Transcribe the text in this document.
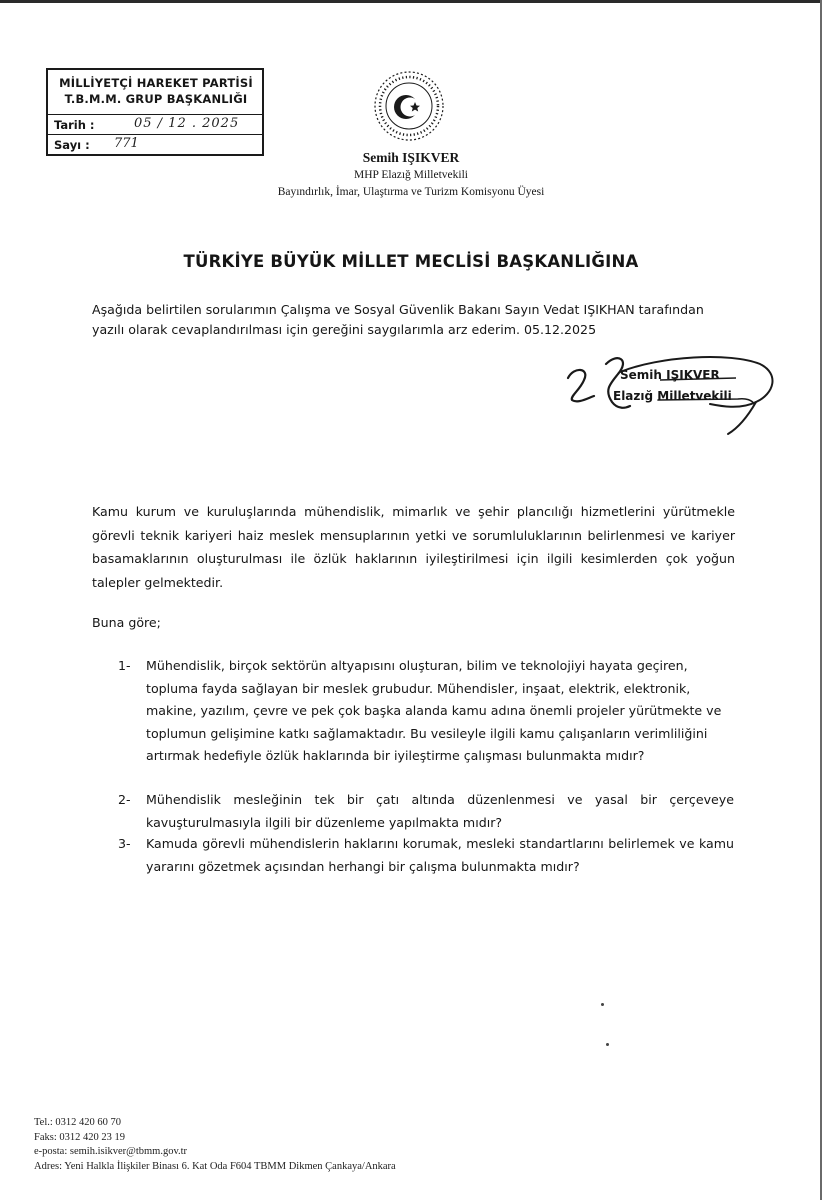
MİLLİYETÇİ HAREKET PARTİSİ
T.B.M.M. GRUP BAŞKANLIĞI
Tarih :	05 / 12 . 2025
Sayı : 771
Semih IŞIKVER
MHP Elazığ Milletvekili
Bayındırlık, İmar, Ulaştırma ve Turizm Komisyonu Üyesi
TÜRKİYE BÜYÜK MİLLET MECLİSİ BAŞKANLIĞINA
Aşağıda belirtilen sorularımın Çalışma ve Sosyal Güvenlik Bakanı Sayın Vedat IŞIKHAN tarafından yazılı olarak cevaplandırılması için gereğini saygılarımla arz ederim. 05.12.2025
Semih IŞIKVER
Elazığ Milletvekili
Kamu kurum ve kuruluşlarında mühendislik, mimarlık ve şehir plancılığı hizmetlerini yürütmekle görevli teknik kariyeri haiz meslek mensuplarının yetki ve sorumluluklarının belirlenmesi ve kariyer basamaklarının oluşturulması ile özlük haklarının iyileştirilmesi için ilgili kesimlerden çok yoğun talepler gelmektedir.
Buna göre;
1- Mühendislik, birçok sektörün altyapısını oluşturan, bilim ve teknolojiyi hayata geçiren, topluma fayda sağlayan bir meslek grubudur. Mühendisler, inşaat, elektrik, elektronik, makine, yazılım, çevre ve pek çok başka alanda kamu adına önemli projeler yürütmekte ve toplumun gelişimine katkı sağlamaktadır. Bu vesileyle ilgili kamu çalışanların verimliliğini artırmak hedefiyle özlük haklarında bir iyileştirme çalışması bulunmakta mıdır?
2- Mühendislik mesleğinin tek bir çatı altında düzenlenmesi ve yasal bir çerçeveye kavuşturulmasıyla ilgili bir düzenleme yapılmakta mıdır?
3- Kamuda görevli mühendislerin haklarını korumak, mesleki standartlarını belirlemek ve kamu yararını gözetmek açısından herhangi bir çalışma bulunmakta mıdır?
Tel.: 0312 420 60 70
Faks: 0312 420 23 19
e-posta: semih.isikver@tbmm.gov.tr
Adres: Yeni Halkla İlişkiler Binası 6. Kat Oda F604 TBMM Dikmen Çankaya/Ankara
